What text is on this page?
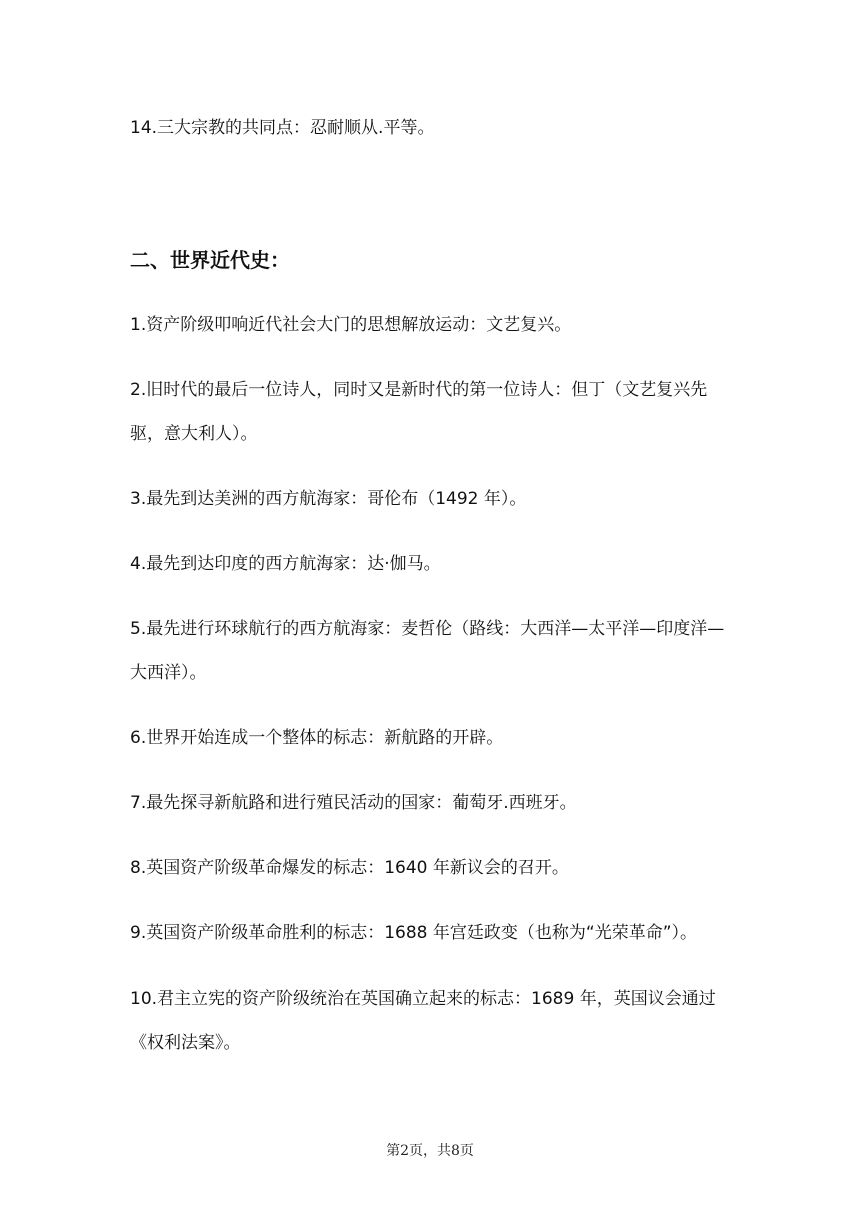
14.三大宗教的共同点：忍耐顺从.平等。

二、世界近代史：

1.资产阶级叩响近代社会大门的思想解放运动：文艺复兴。

2.旧时代的最后一位诗人，同时又是新时代的第一位诗人：但丁（文艺复兴先驱，意大利人）。

3.最先到达美洲的西方航海家：哥伦布（1492 年）。

4.最先到达印度的西方航海家：达·伽马。

5.最先进行环球航行的西方航海家：麦哲伦（路线：大西洋—太平洋—印度洋—大西洋）。

6.世界开始连成一个整体的标志：新航路的开辟。

7.最先探寻新航路和进行殖民活动的国家：葡萄牙.西班牙。

8.英国资产阶级革命爆发的标志：1640 年新议会的召开。

9.英国资产阶级革命胜利的标志：1688 年宫廷政变（也称为“光荣革命”）。

10.君主立宪的资产阶级统治在英国确立起来的标志：1689 年，英国议会通过《权利法案》。

第2页，共8页
